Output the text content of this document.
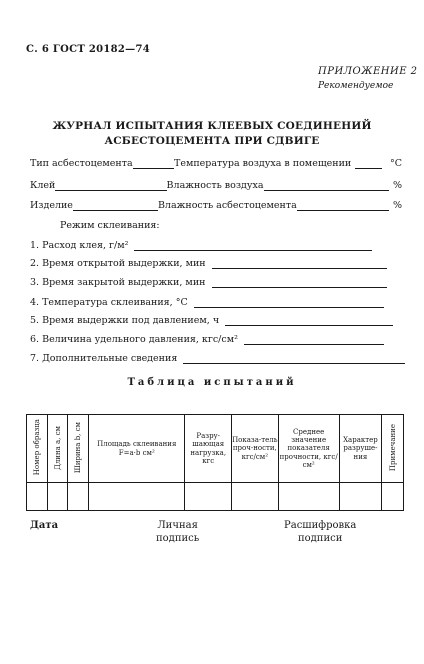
С. 6 ГОСТ 20182—74
ПРИЛОЖЕНИЕ 2
Рекомендуемое
ЖУРНАЛ ИСПЫТАНИЯ КЛЕЕВЫХ СОЕДИНЕНИЙ
АСБЕСТОЦЕМЕНТА ПРИ СДВИГЕ
Тип асбестоцемента	Температура воздуха в помещении	°С
Клей	Влажность воздуха	%
Изделие	Влажность асбестоцемента	%
Режим склеивания:
1. Расход клея, г/м²
2. Время открытой выдержки, мин
3. Время закрытой выдержки, мин
4. Температура склеивания, °С
5. Время выдержки под давлением, ч
6. Величина удельного давления, кгс/см²
7. Дополнительные сведения
Таблица испытаний
Номер образца	Длина a, см	Ширина b, см	Площадь склеивания F=a·b см²	Разру-шающая нагрузка, кгс	Показа-тель проч-ности, кгс/см²	Среднее значение показателя прочности, кгс/см²	Характер разруше-ния	Примечание

Дата	Личная
подпись
Расшифровка
подписи
